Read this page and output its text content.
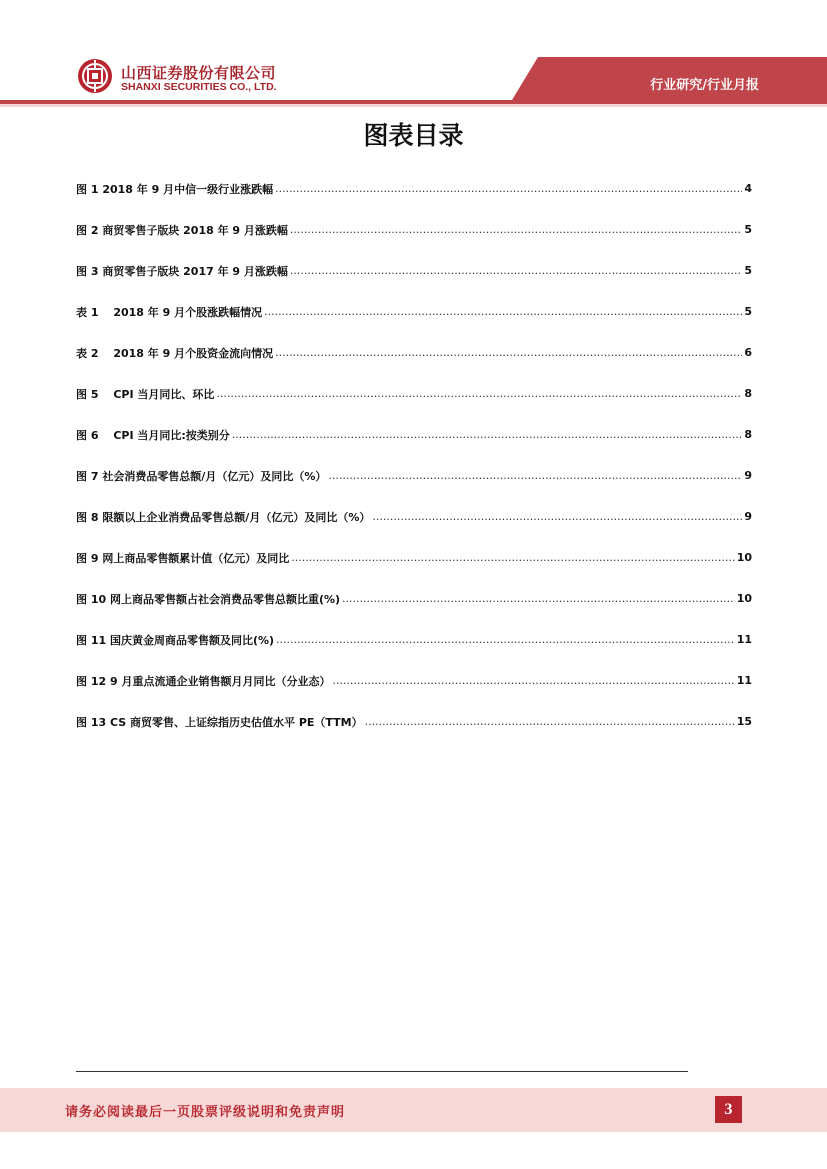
山西证券股份有限公司
SHANXI SECURITIES CO., LTD.	行业研究/行业月报
图表目录
图 1 2018 年 9 月中信一级行业涨跌幅 .....	4
图 2 商贸零售子版块 2018 年 9 月涨跌幅 .....	5
图 3 商贸零售子版块 2017 年 9 月涨跌幅 .....	5
表 1　 2018 年 9 月个股涨跌幅情况 .....	5
表 2　 2018 年 9 月个股资金流向情况 .....	6
图 5　 CPI 当月同比、环比 .....	8
图 6　 CPI 当月同比:按类别分 .....	8
图 7 社会消费品零售总额/月（亿元）及同比（%） .....	9
图 8 限额以上企业消费品零售总额/月（亿元）及同比（%） .....	9
图 9 网上商品零售额累计值（亿元）及同比 .....	10
图 10 网上商品零售额占社会消费品零售总额比重(%) .....	10
图 11 国庆黄金周商品零售额及同比(%) .....	11
图 12 9 月重点流通企业销售额月月同比（分业态） .....	11
图 13 CS 商贸零售、上证综指历史估值水平 PE（TTM） .....	15
请务必阅读最后一页股票评级说明和免责声明	3
